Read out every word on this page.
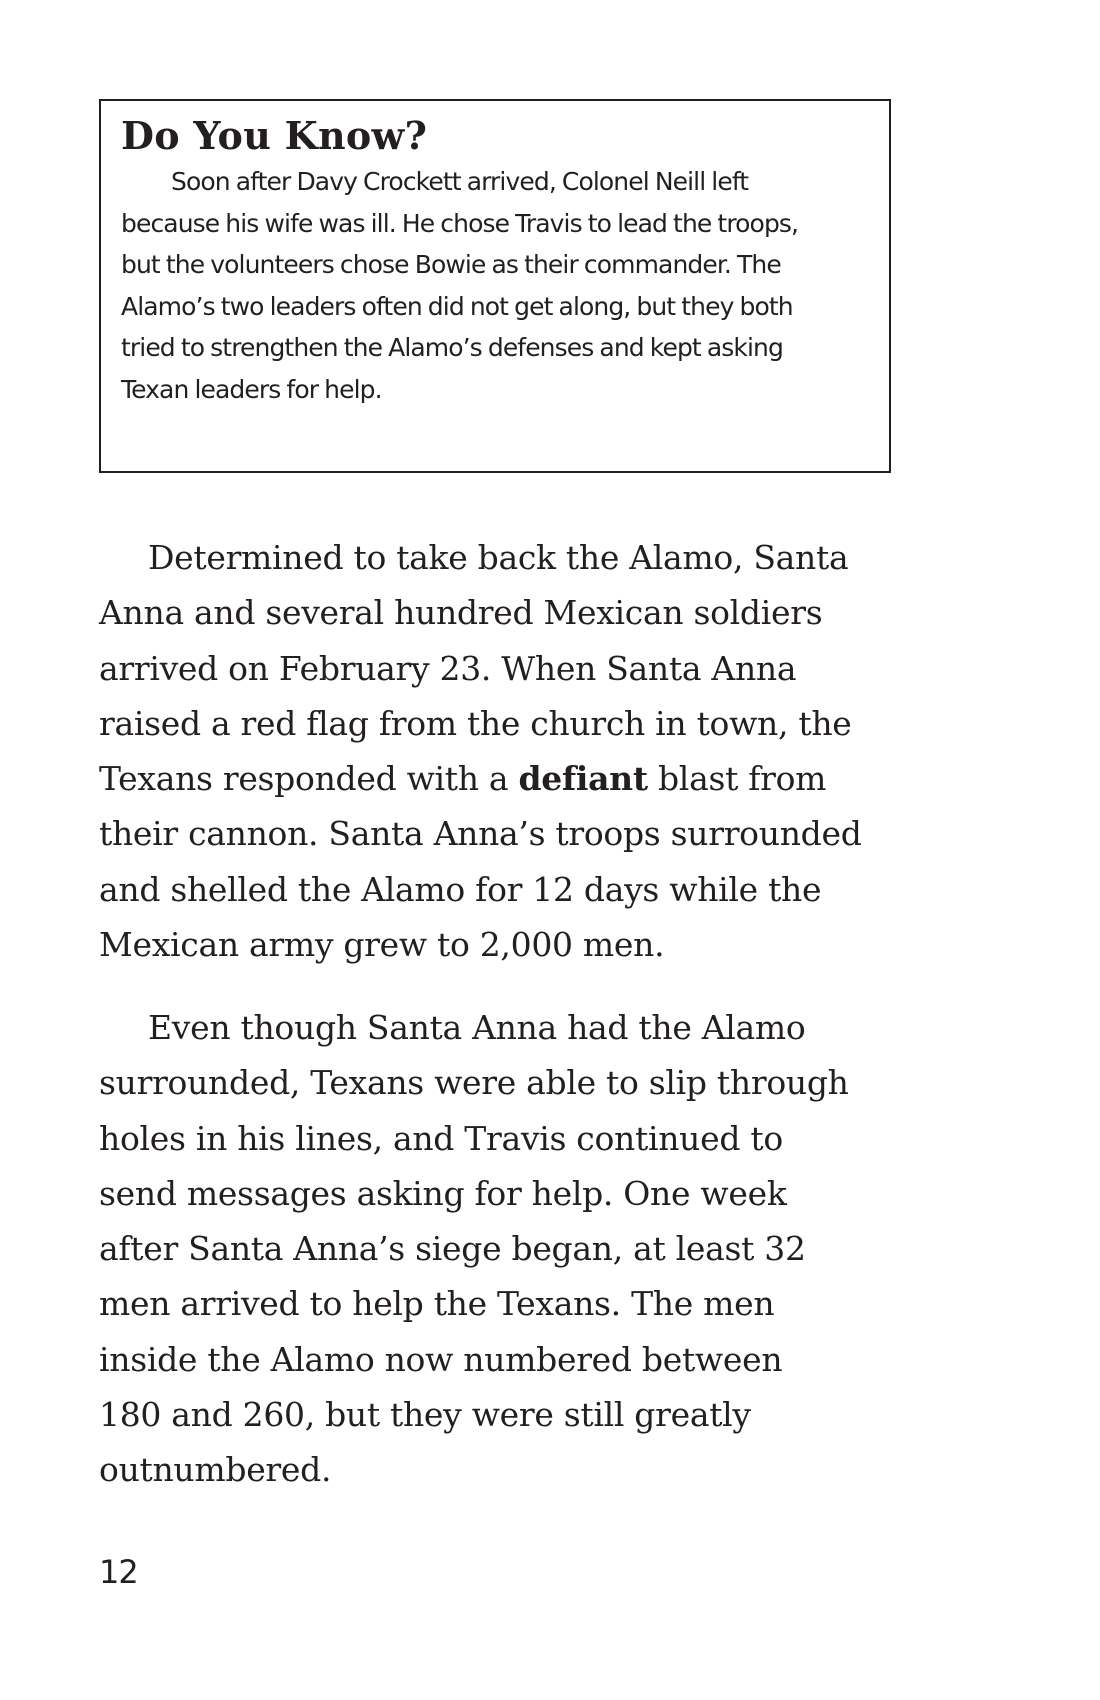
Do You Know?

Soon after Davy Crockett arrived, Colonel Neill left
because his wife was ill. He chose Travis to lead the troops,
but the volunteers chose Bowie as their commander. The
Alamo’s two leaders often did not get along, but they both
tried to strengthen the Alamo’s defenses and kept asking
Texan leaders for help.

Determined to take back the Alamo, Santa
Anna and several hundred Mexican soldiers
arrived on February 23. When Santa Anna
raised a red flag from the church in town, the
Texans responded with a defiant blast from
their cannon. Santa Anna’s troops surrounded
and shelled the Alamo for 12 days while the
Mexican army grew to 2,000 men.

Even though Santa Anna had the Alamo
surrounded, Texans were able to slip through
holes in his lines, and Travis continued to
send messages asking for help. One week
after Santa Anna’s siege began, at least 32
men arrived to help the Texans. The men
inside the Alamo now numbered between
180 and 260, but they were still greatly
outnumbered.

12
